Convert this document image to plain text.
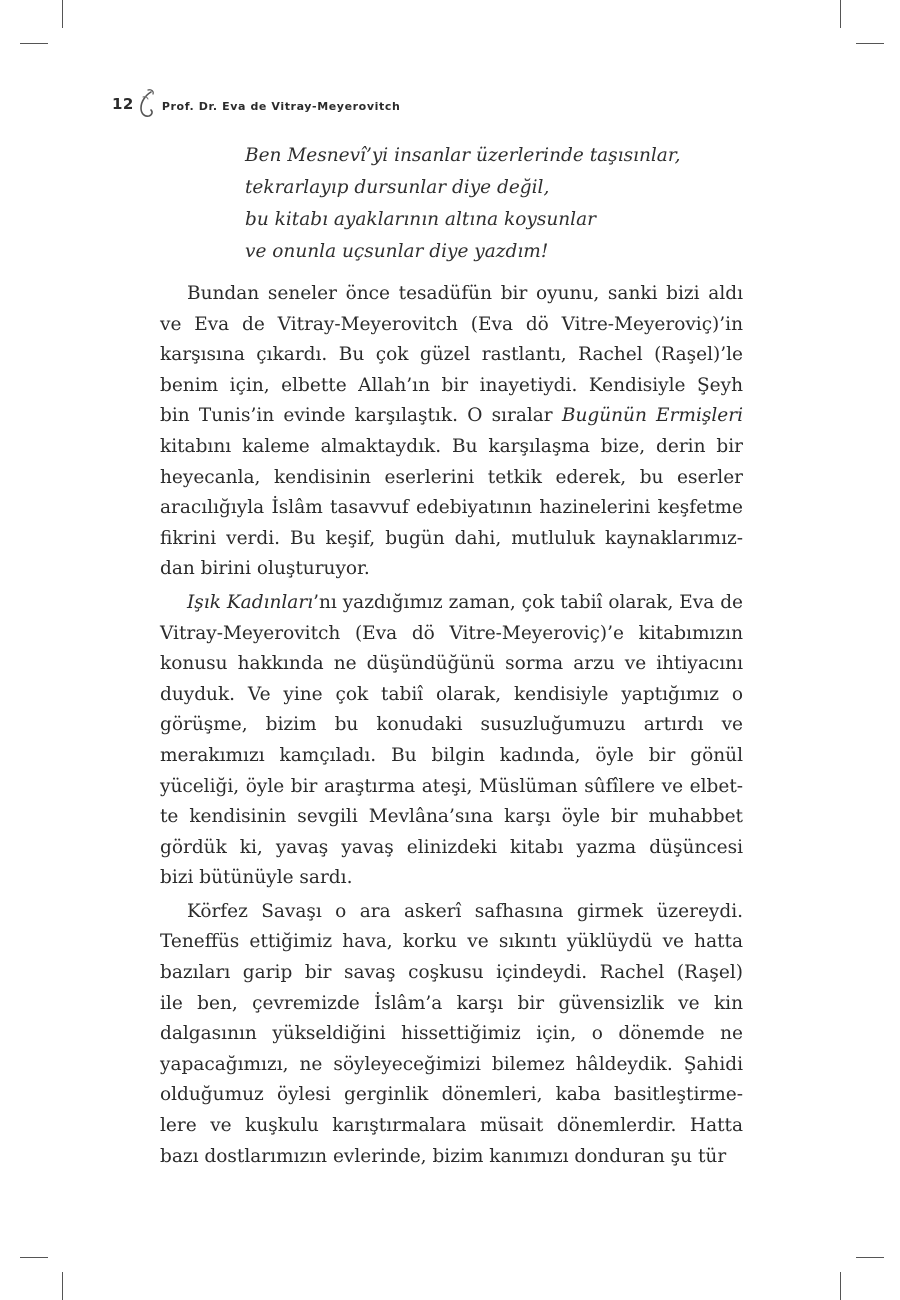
12	Prof. Dr. Eva de Vitray-Meyerovitch
Ben Mesnevî’yi insanlar üzerlerinde taşısınlar,
tekrarlayıp dursunlar diye değil,
bu kitabı ayaklarının altına koysunlar
ve onunla uçsunlar diye yazdım!
Bundan seneler önce tesadüfün bir oyunu, sanki bizi aldı
ve Eva de Vitray-Meyerovitch (Eva dö Vitre-Meyeroviç)’in
karşısına çıkardı. Bu çok güzel rastlantı, Rachel (Raşel)’le
benim için, elbette Allah’ın bir inayetiydi. Kendisiyle Şeyh
bin Tunis’in evinde karşılaştık. O sıralar Bugünün Ermişleri
kitabını kaleme almaktaydık. Bu karşılaşma bize, derin bir
heyecanla, kendisinin eserlerini tetkik ederek, bu eserler
aracılığıyla İslâm tasavvuf edebiyatının hazinelerini keşfetme
fikrini verdi. Bu keşif, bugün dahi, mutluluk kaynaklarımız-
dan birini oluşturuyor.
Işık Kadınları’nı yazdığımız zaman, çok tabiî olarak, Eva de
Vitray-Meyerovitch (Eva dö Vitre-Meyeroviç)’e kitabımızın
konusu hakkında ne düşündüğünü sorma arzu ve ihtiyacını
duyduk. Ve yine çok tabiî olarak, kendisiyle yaptığımız o
görüşme, bizim bu konudaki susuzluğumuzu artırdı ve
merakımızı kamçıladı. Bu bilgin kadında, öyle bir gönül
yüceliği, öyle bir araştırma ateşi, Müslüman sûfîlere ve elbet-
te kendisinin sevgili Mevlâna’sına karşı öyle bir muhabbet
gördük ki, yavaş yavaş elinizdeki kitabı yazma düşüncesi
bizi bütünüyle sardı.
Körfez Savaşı o ara askerî safhasına girmek üzereydi.
Teneffüs ettiğimiz hava, korku ve sıkıntı yüklüydü ve hatta
bazıları garip bir savaş coşkusu içindeydi. Rachel (Raşel)
ile ben, çevremizde İslâm’a karşı bir güvensizlik ve kin
dalgasının yükseldiğini hissettiğimiz için, o dönemde ne
yapacağımızı, ne söyleyeceğimizi bilemez hâldeydik. Şahidi
olduğumuz öylesi gerginlik dönemleri, kaba basitleştirme-
lere ve kuşkulu karıştırmalara müsait dönemlerdir. Hatta
bazı dostlarımızın evlerinde, bizim kanımızı donduran şu tür
